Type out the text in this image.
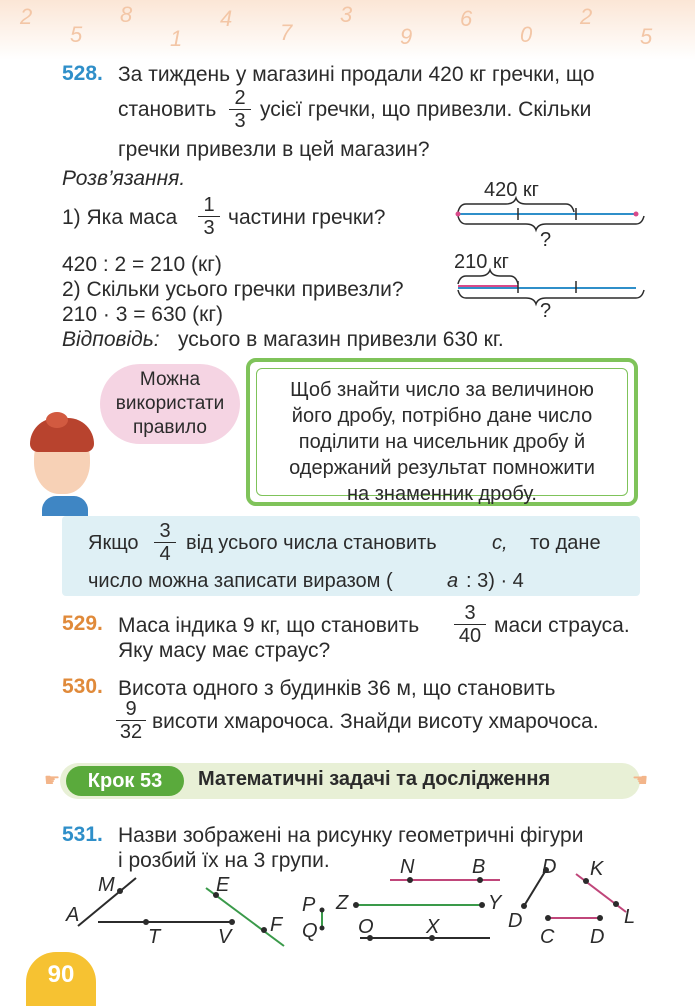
2
5
8
1
4
7
3
9
6
0
2
5
528. За тиждень у магазині продали 420 кг гречки, що
становить 2
3 усієї гречки, що привезли. Скільки
гречки привезли в цей магазин?
Розв’язання.
1) Яка маса
1
3 частини гречки?
420 : 2 = 210 (кг)
2) Скільки усього гречки привезли?
210 · 3 = 630 (кг)
Відповідь: усього в магазин привезли 630 кг.
420 кг
?
210 кг
?
Можна
використати
правило
Щоб знайти число за величиною
його дробу, потрібно дане число
поділити на чисельник дробу й
одержаний результат помножити
на знаменник дробу.
Якщо
3
4 від усього числа становить	с, то дане
число можна записати виразом (	а : 3) · 4
529. Маса індика 9 кг, що становить
3
40 маси страуса.
Яку масу має страус?
530. Висота одного з будинків 36 м, що становить
9
32 висоти хмарочоса. Знайди висоту хмарочоса.
Крок 53	Математичні задачі та дослідження
☛	☚
531. Назви зображені на рисунку геометричні фігури
і розбий їх на 3 групи.
M
A
T	V
E
F
P
Q
Z
O	X
N	B
Y
D
D
C D
K
L
90
